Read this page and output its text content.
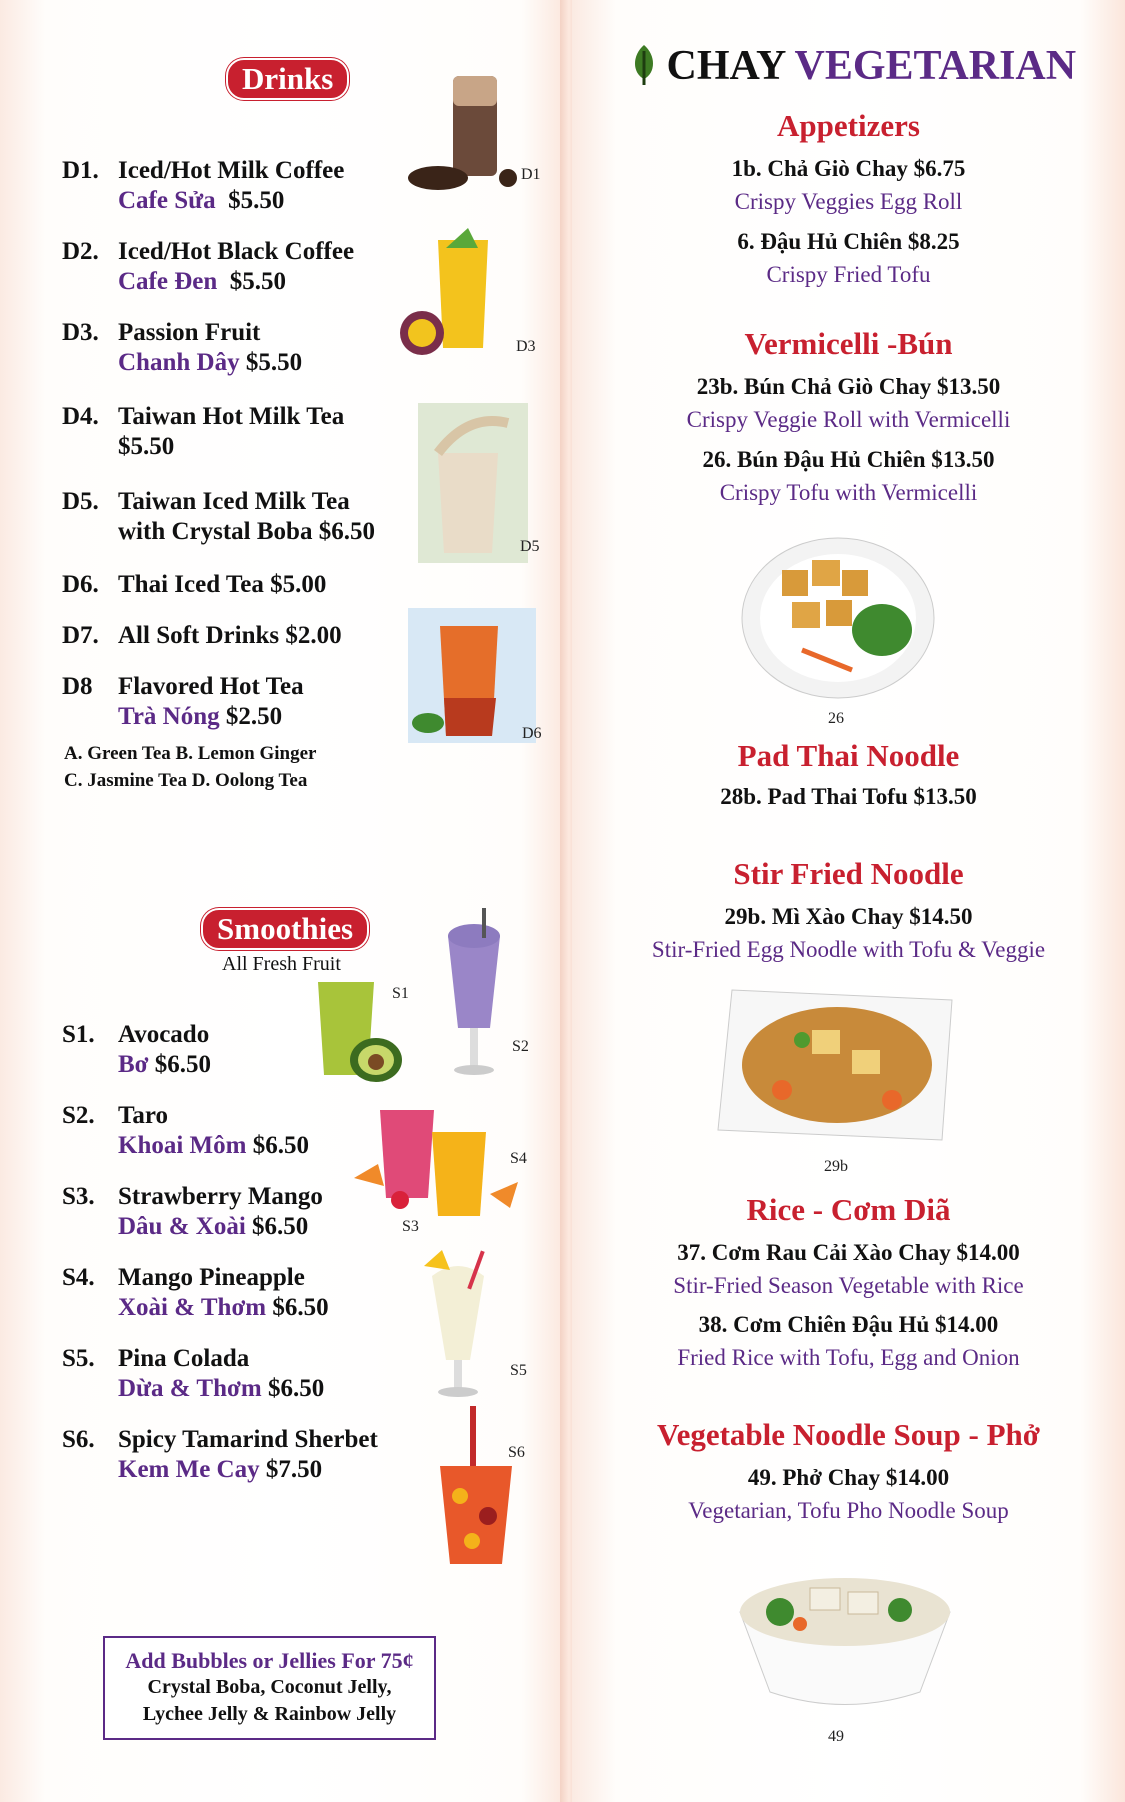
Drinks
D1. Iced/Hot Milk Coffee
Cafe Sửa $5.50
D2. Iced/Hot Black Coffee
Cafe Đen $5.50
D3. Passion Fruit
Chanh Dây $5.50
D4. Taiwan Hot Milk Tea
$5.50
D5. Taiwan Iced Milk Tea
with Crystal Boba $6.50
D6. Thai Iced Tea $5.00
D7. All Soft Drinks $2.00
D8 Flavored Hot Tea
Trà Nóng $2.50
A. Green Tea B. Lemon Ginger
C. Jasmine Tea D. Oolong Tea
D1
D3
D5
D6
Smoothies
All Fresh Fruit
S1. Avocado
Bơ $6.50
S2. Taro
Khoai Môm $6.50
S3. Strawberry Mango
Dâu & Xoài $6.50
S4. Mango Pineapple
Xoài & Thơm $6.50
S5. Pina Colada
Dừa & Thơm $6.50
S6. Spicy Tamarind Sherbet
Kem Me Cay $7.50
S1
S2
S3
S4
S5
S6
Add Bubbles or Jellies For 75¢
Crystal Boba, Coconut Jelly,
Lychee Jelly & Rainbow Jelly
CHAY VEGETARIAN
Appetizers
1b. Chả Giò Chay $6.75
Crispy Veggies Egg Roll
6. Đậu Hủ Chiên $8.25
Crispy Fried Tofu
Vermicelli -Bún
23b. Bún Chả Giò Chay $13.50
Crispy Veggie Roll with Vermicelli
26. Bún Đậu Hủ Chiên $13.50
Crispy Tofu with Vermicelli
26
Pad Thai Noodle
28b. Pad Thai Tofu $13.50
Stir Fried Noodle
29b. Mì Xào Chay $14.50
Stir-Fried Egg Noodle with Tofu & Veggie
29b
Rice - Cơm Diã
37. Cơm Rau Cải Xào Chay $14.00
Stir-Fried Season Vegetable with Rice
38. Cơm Chiên Đậu Hủ $14.00
Fried Rice with Tofu, Egg and Onion
Vegetable Noodle Soup - Phở
49. Phở Chay $14.00
Vegetarian, Tofu Pho Noodle Soup
49
